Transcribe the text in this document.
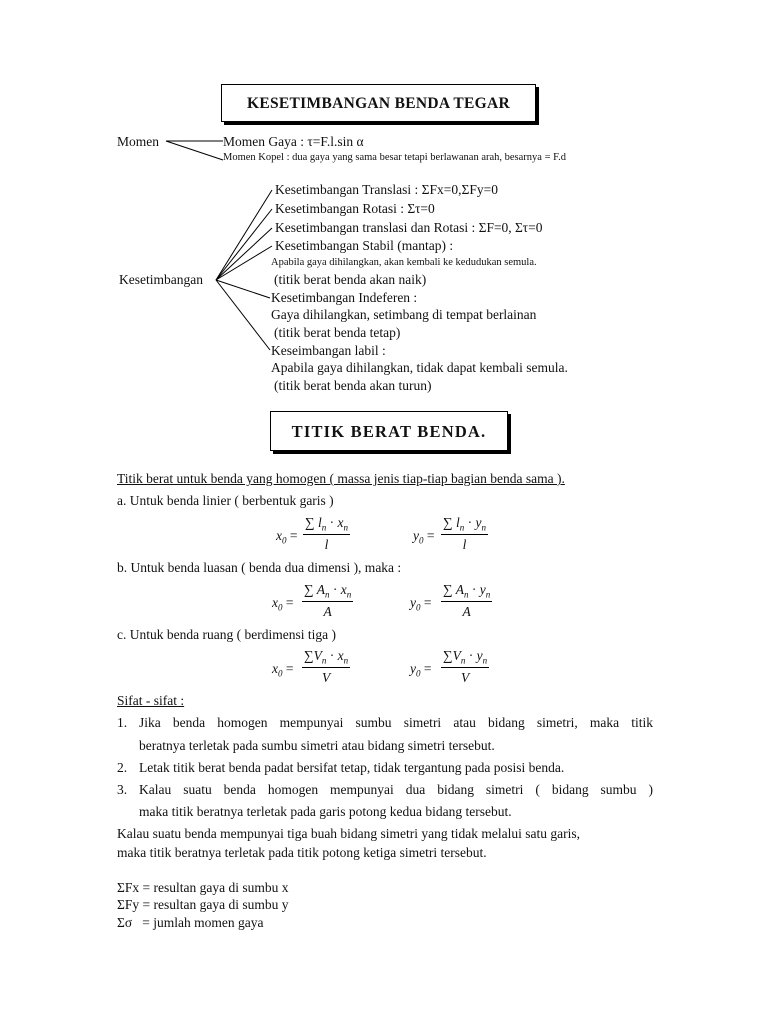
KESETIMBANGAN BENDA TEGAR
Momen	Momen Gaya : τ=F.l.sin α
Momen Kopel : dua gaya yang sama besar tetapi berlawanan arah, besarnya = F.d
Kesetimbangan
Kesetimbangan Translasi : ΣFx=0,ΣFy=0
Kesetimbangan Rotasi : Στ=0
Kesetimbangan translasi dan Rotasi : ΣF=0, Στ=0
Kesetimbangan Stabil (mantap) :
Apabila gaya dihilangkan, akan kembali ke kedudukan semula.
(titik berat benda akan naik)
Kesetimbangan Indeferen :
Gaya dihilangkan, setimbang di tempat berlainan
(titik berat benda tetap)
Keseimbangan labil :
Apabila gaya dihilangkan, tidak dapat kembali semula.
(titik berat benda akan turun)
TITIK BERAT BENDA.
Titik berat untuk benda yang homogen ( massa jenis tiap-tiap bagian benda sama ).
a. Untuk benda linier ( berbentuk garis )
b. Untuk benda luasan ( benda dua dimensi ), maka :
c. Untuk benda ruang ( berdimensi tiga )
$x_0 = \frac{\sum l_n \cdot x_n}{l}$	$y_0 = \frac{\sum l_n \cdot y_n}{l}$
$x_0 = \frac{\sum A_n \cdot x_n}{A}$	$y_0 = \frac{\sum A_n \cdot y_n}{A}$
$x_0 = \frac{\sum V_n \cdot x_n}{V}$	$y_0 = \frac{\sum V_n \cdot y_n}{V}$
Sifat - sifat :
1. Jika benda homogen mempunyai sumbu simetri atau bidang simetri, maka titik
beratnya terletak pada sumbu simetri atau bidang simetri tersebut.
2. Letak titik berat benda padat bersifat tetap, tidak tergantung pada posisi benda.
3. Kalau suatu benda homogen mempunyai dua bidang simetri ( bidang sumbu )
maka titik beratnya terletak pada garis potong kedua bidang tersebut.
Kalau suatu benda mempunyai tiga buah bidang simetri yang tidak melalui satu garis,
maka titik beratnya terletak pada titik potong ketiga simetri tersebut.
ΣFx = resultan gaya di sumbu x
ΣFy = resultan gaya di sumbu y
Σσ   = jumlah momen gaya
